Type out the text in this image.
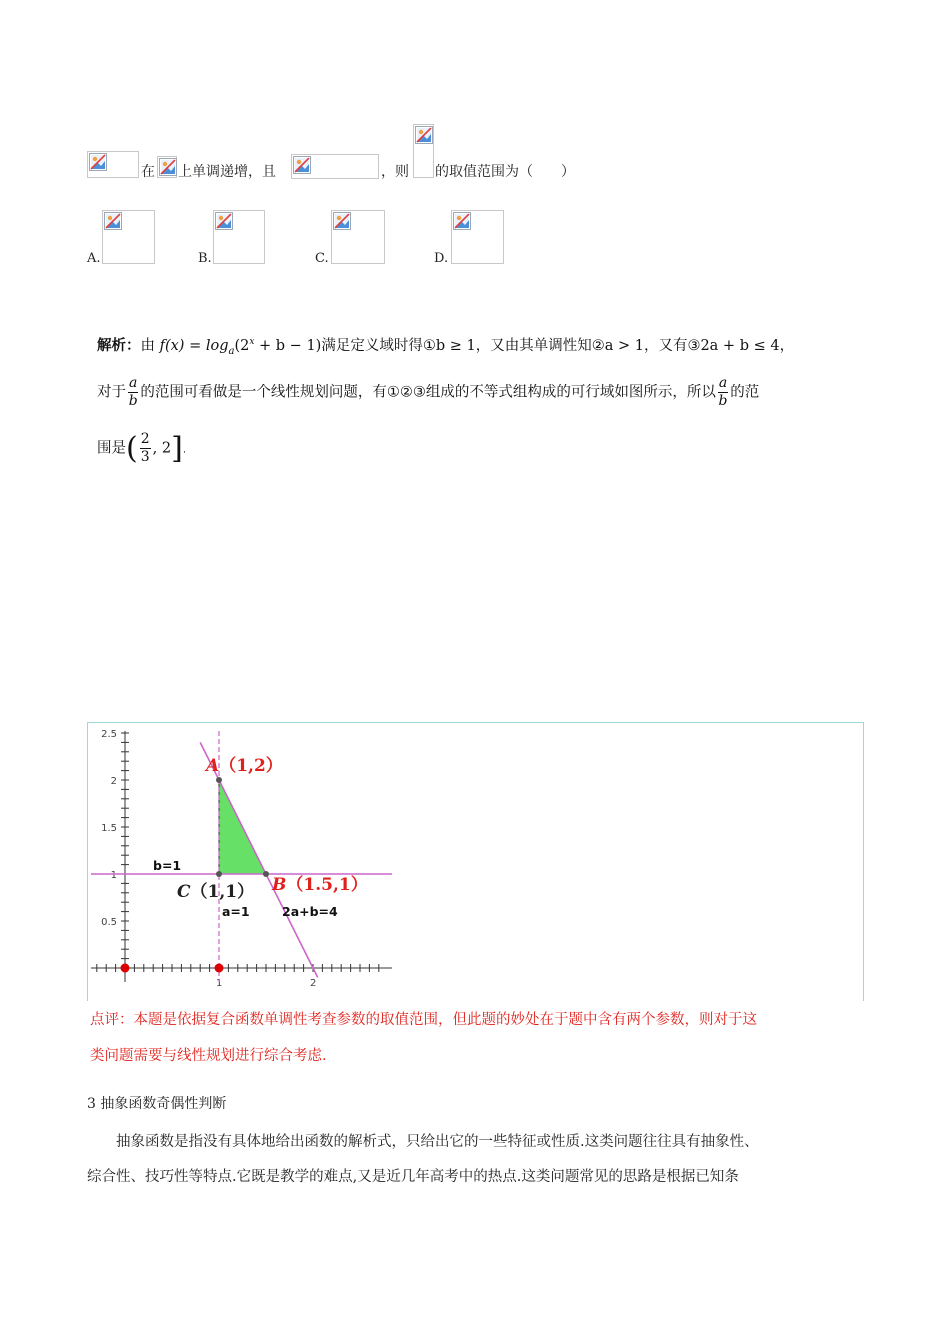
在 上单调递增，且	，则 的取值范围为（　　）
A.	B.	C.	D.
解析：由 $f(x) = \log_a(2^x + b - 1)$满足定义域时得①b ≥ 1，又由其单调性知②a > 1，又有③2a + b ≤ 4，
对于 $\frac{a}{b}$ 的范围可看做是一个线性规划问题，有①②③组成的不等式组构成的可行域如图所示，所以 $\frac{a}{b}$ 的范
围是( $\frac{2}{3}$ , 2].
2.5
2
1.5
1
0.5
1	2
A（1,2）
B（1.5,1）
C（1,1）
b=1
a=1	2a+b=4
点评：本题是依据复合函数单调性考查参数的取值范围，但此题的妙处在于题中含有两个参数，则对于这
类问题需要与线性规划进行综合考虑.
3 抽象函数奇偶性判断
抽象函数是指没有具体地给出函数的解析式，只给出它的一些特征或性质.这类问题往往具有抽象性、
综合性、技巧性等特点.它既是教学的难点,又是近几年高考中的热点.这类问题常见的思路是根据已知条
